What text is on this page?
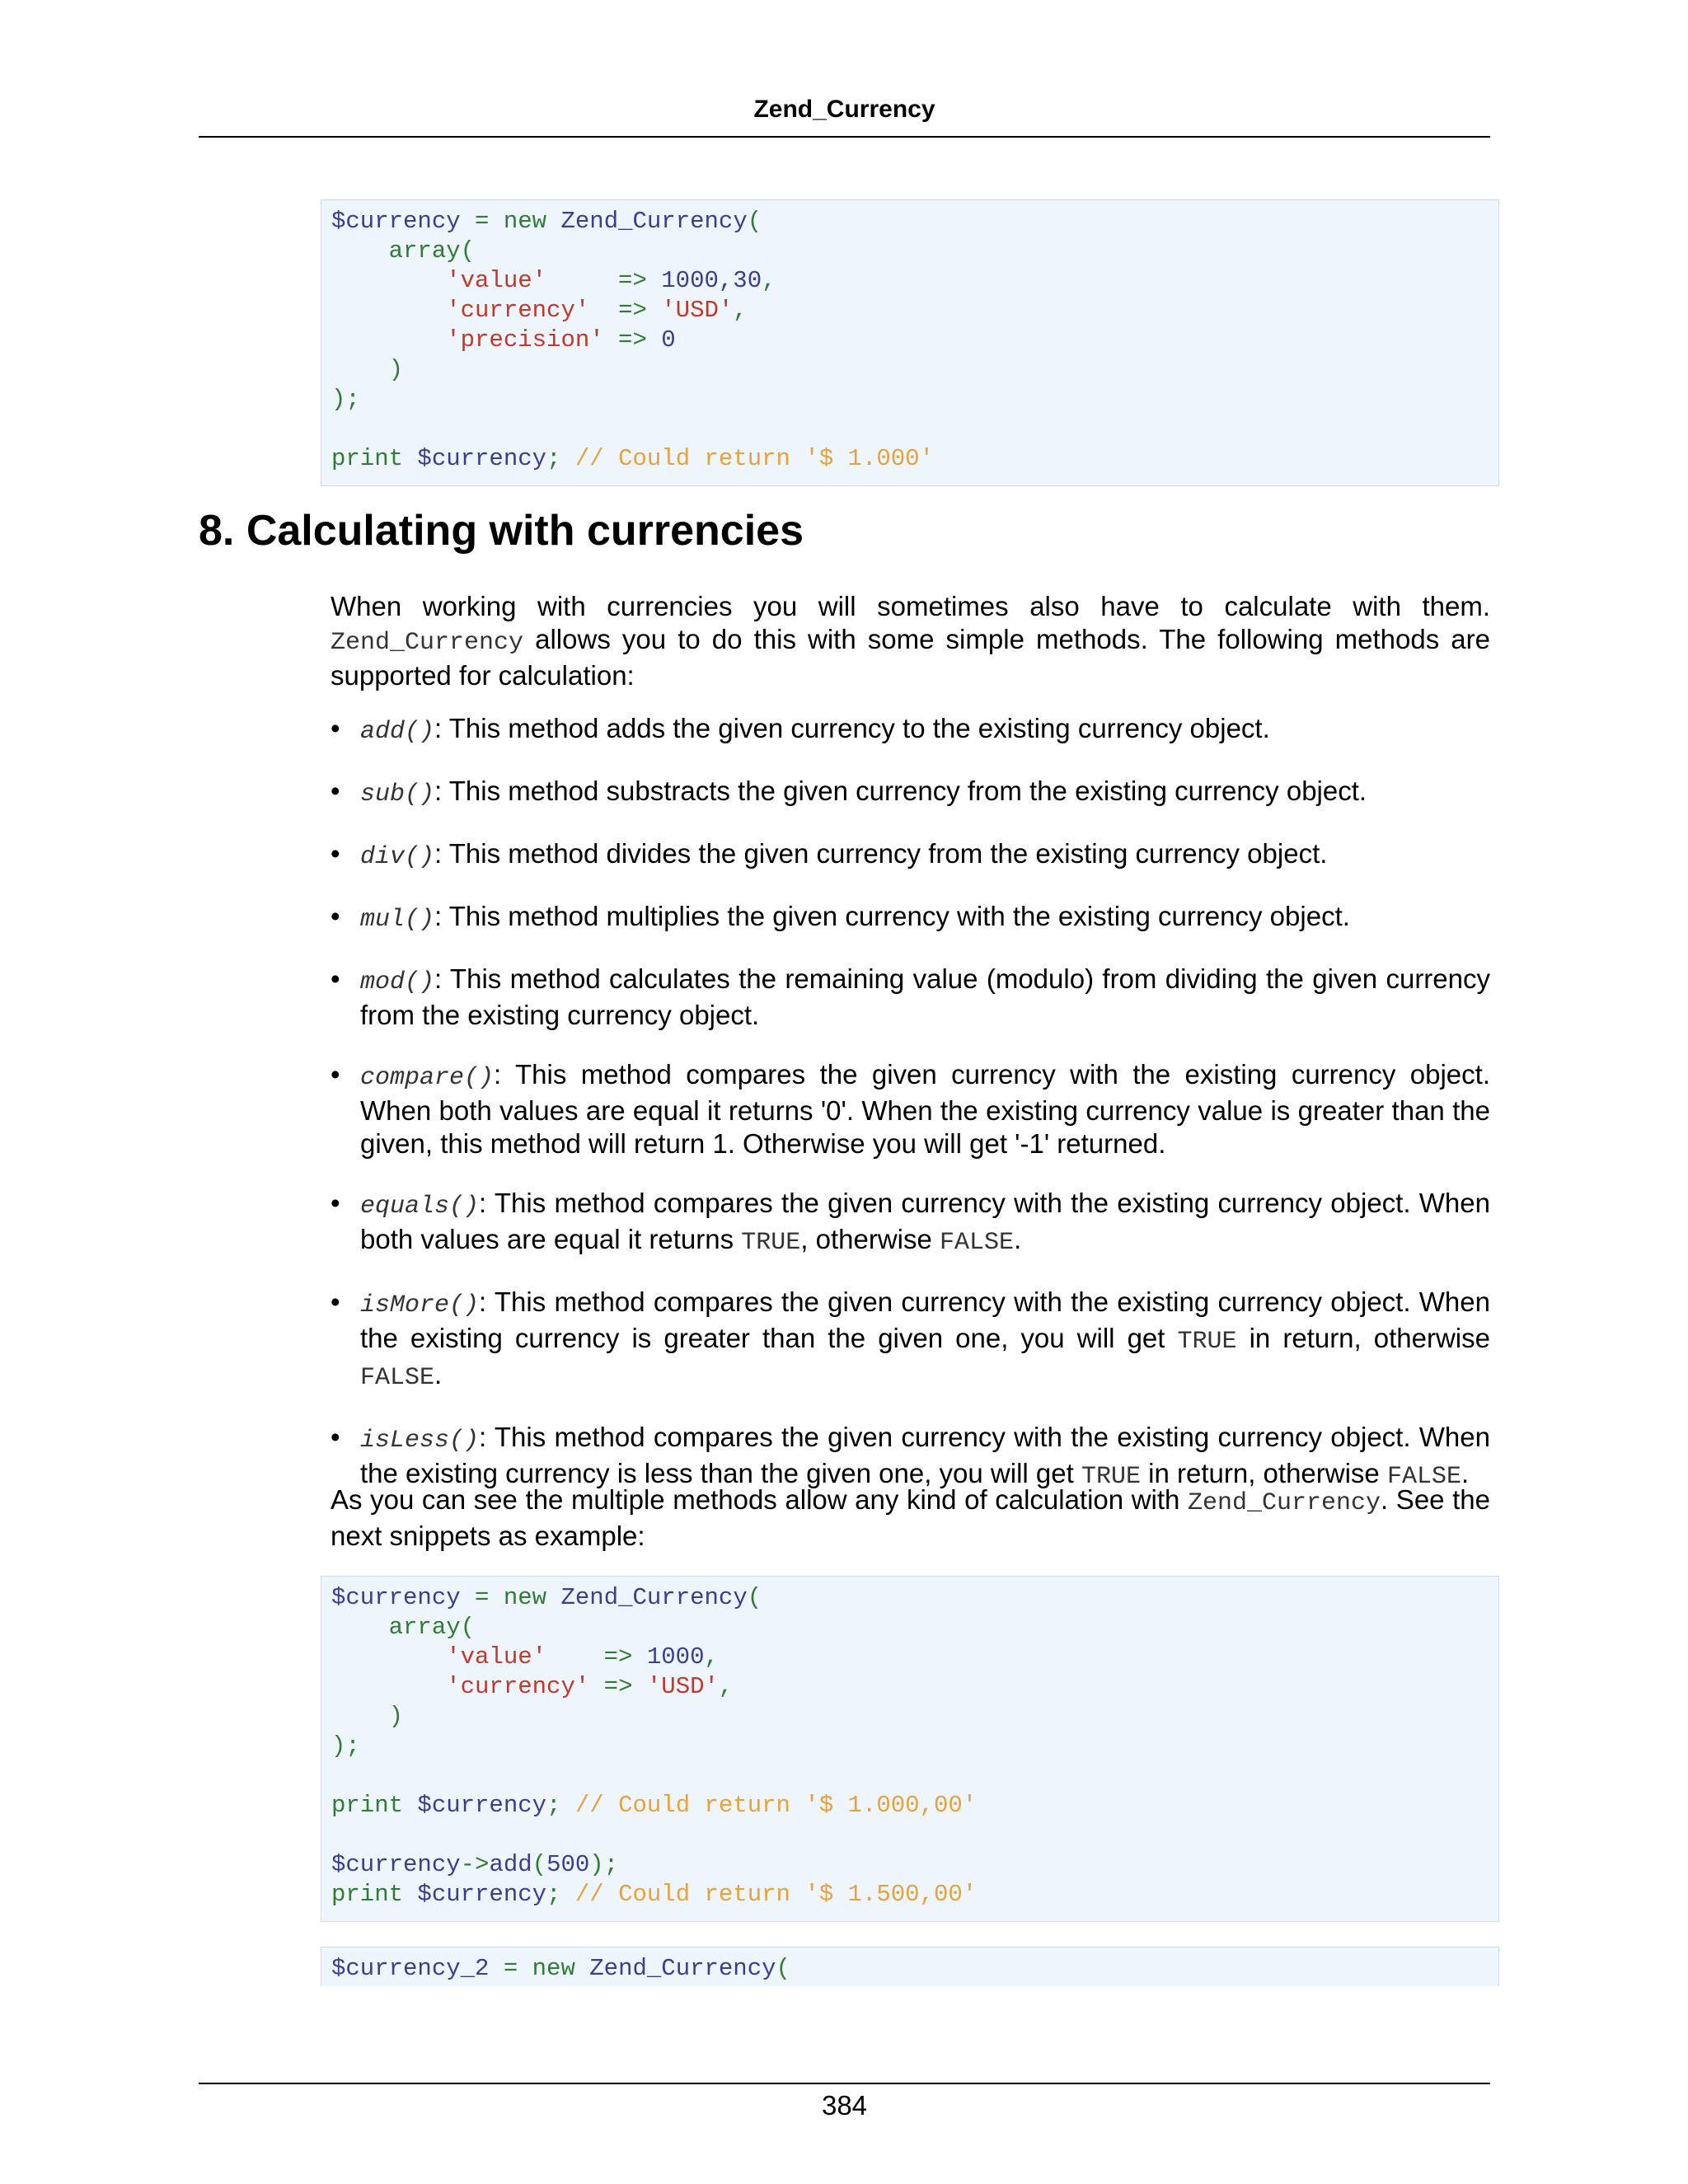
Zend_Currency
$currency = new Zend_Currency(
array(
'value'     => 1000,30,
'currency'  => 'USD',
'precision' => 0
)
);
print $currency; // Could return '$ 1.000'
8. Calculating with currencies
When working with currencies you will sometimes also have to calculate with them. Zend_Currency allows you to do this with some simple methods. The following methods are supported for calculation:
• add(): This method adds the given currency to the existing currency object.
• sub(): This method substracts the given currency from the existing currency object.
• div(): This method divides the given currency from the existing currency object.
• mul(): This method multiplies the given currency with the existing currency object.
• mod(): This method calculates the remaining value (modulo) from dividing the given currency from the existing currency object.
• compare(): This method compares the given currency with the existing currency object. When both values are equal it returns '0'. When the existing currency value is greater than the given, this method will return 1. Otherwise you will get '-1' returned.
• equals(): This method compares the given currency with the existing currency object. When both values are equal it returns TRUE, otherwise FALSE.
• isMore(): This method compares the given currency with the existing currency object. When the existing currency is greater than the given one, you will get TRUE in return, otherwise FALSE.
• isLess(): This method compares the given currency with the existing currency object. When the existing currency is less than the given one, you will get TRUE in return, otherwise FALSE.
As you can see the multiple methods allow any kind of calculation with Zend_Currency. See the next snippets as example:
$currency = new Zend_Currency(
array(
'value'    => 1000,
'currency' => 'USD',
)
);
print $currency; // Could return '$ 1.000,00'
$currency->add(500);
print $currency; // Could return '$ 1.500,00'
$currency_2 = new Zend_Currency(
384
